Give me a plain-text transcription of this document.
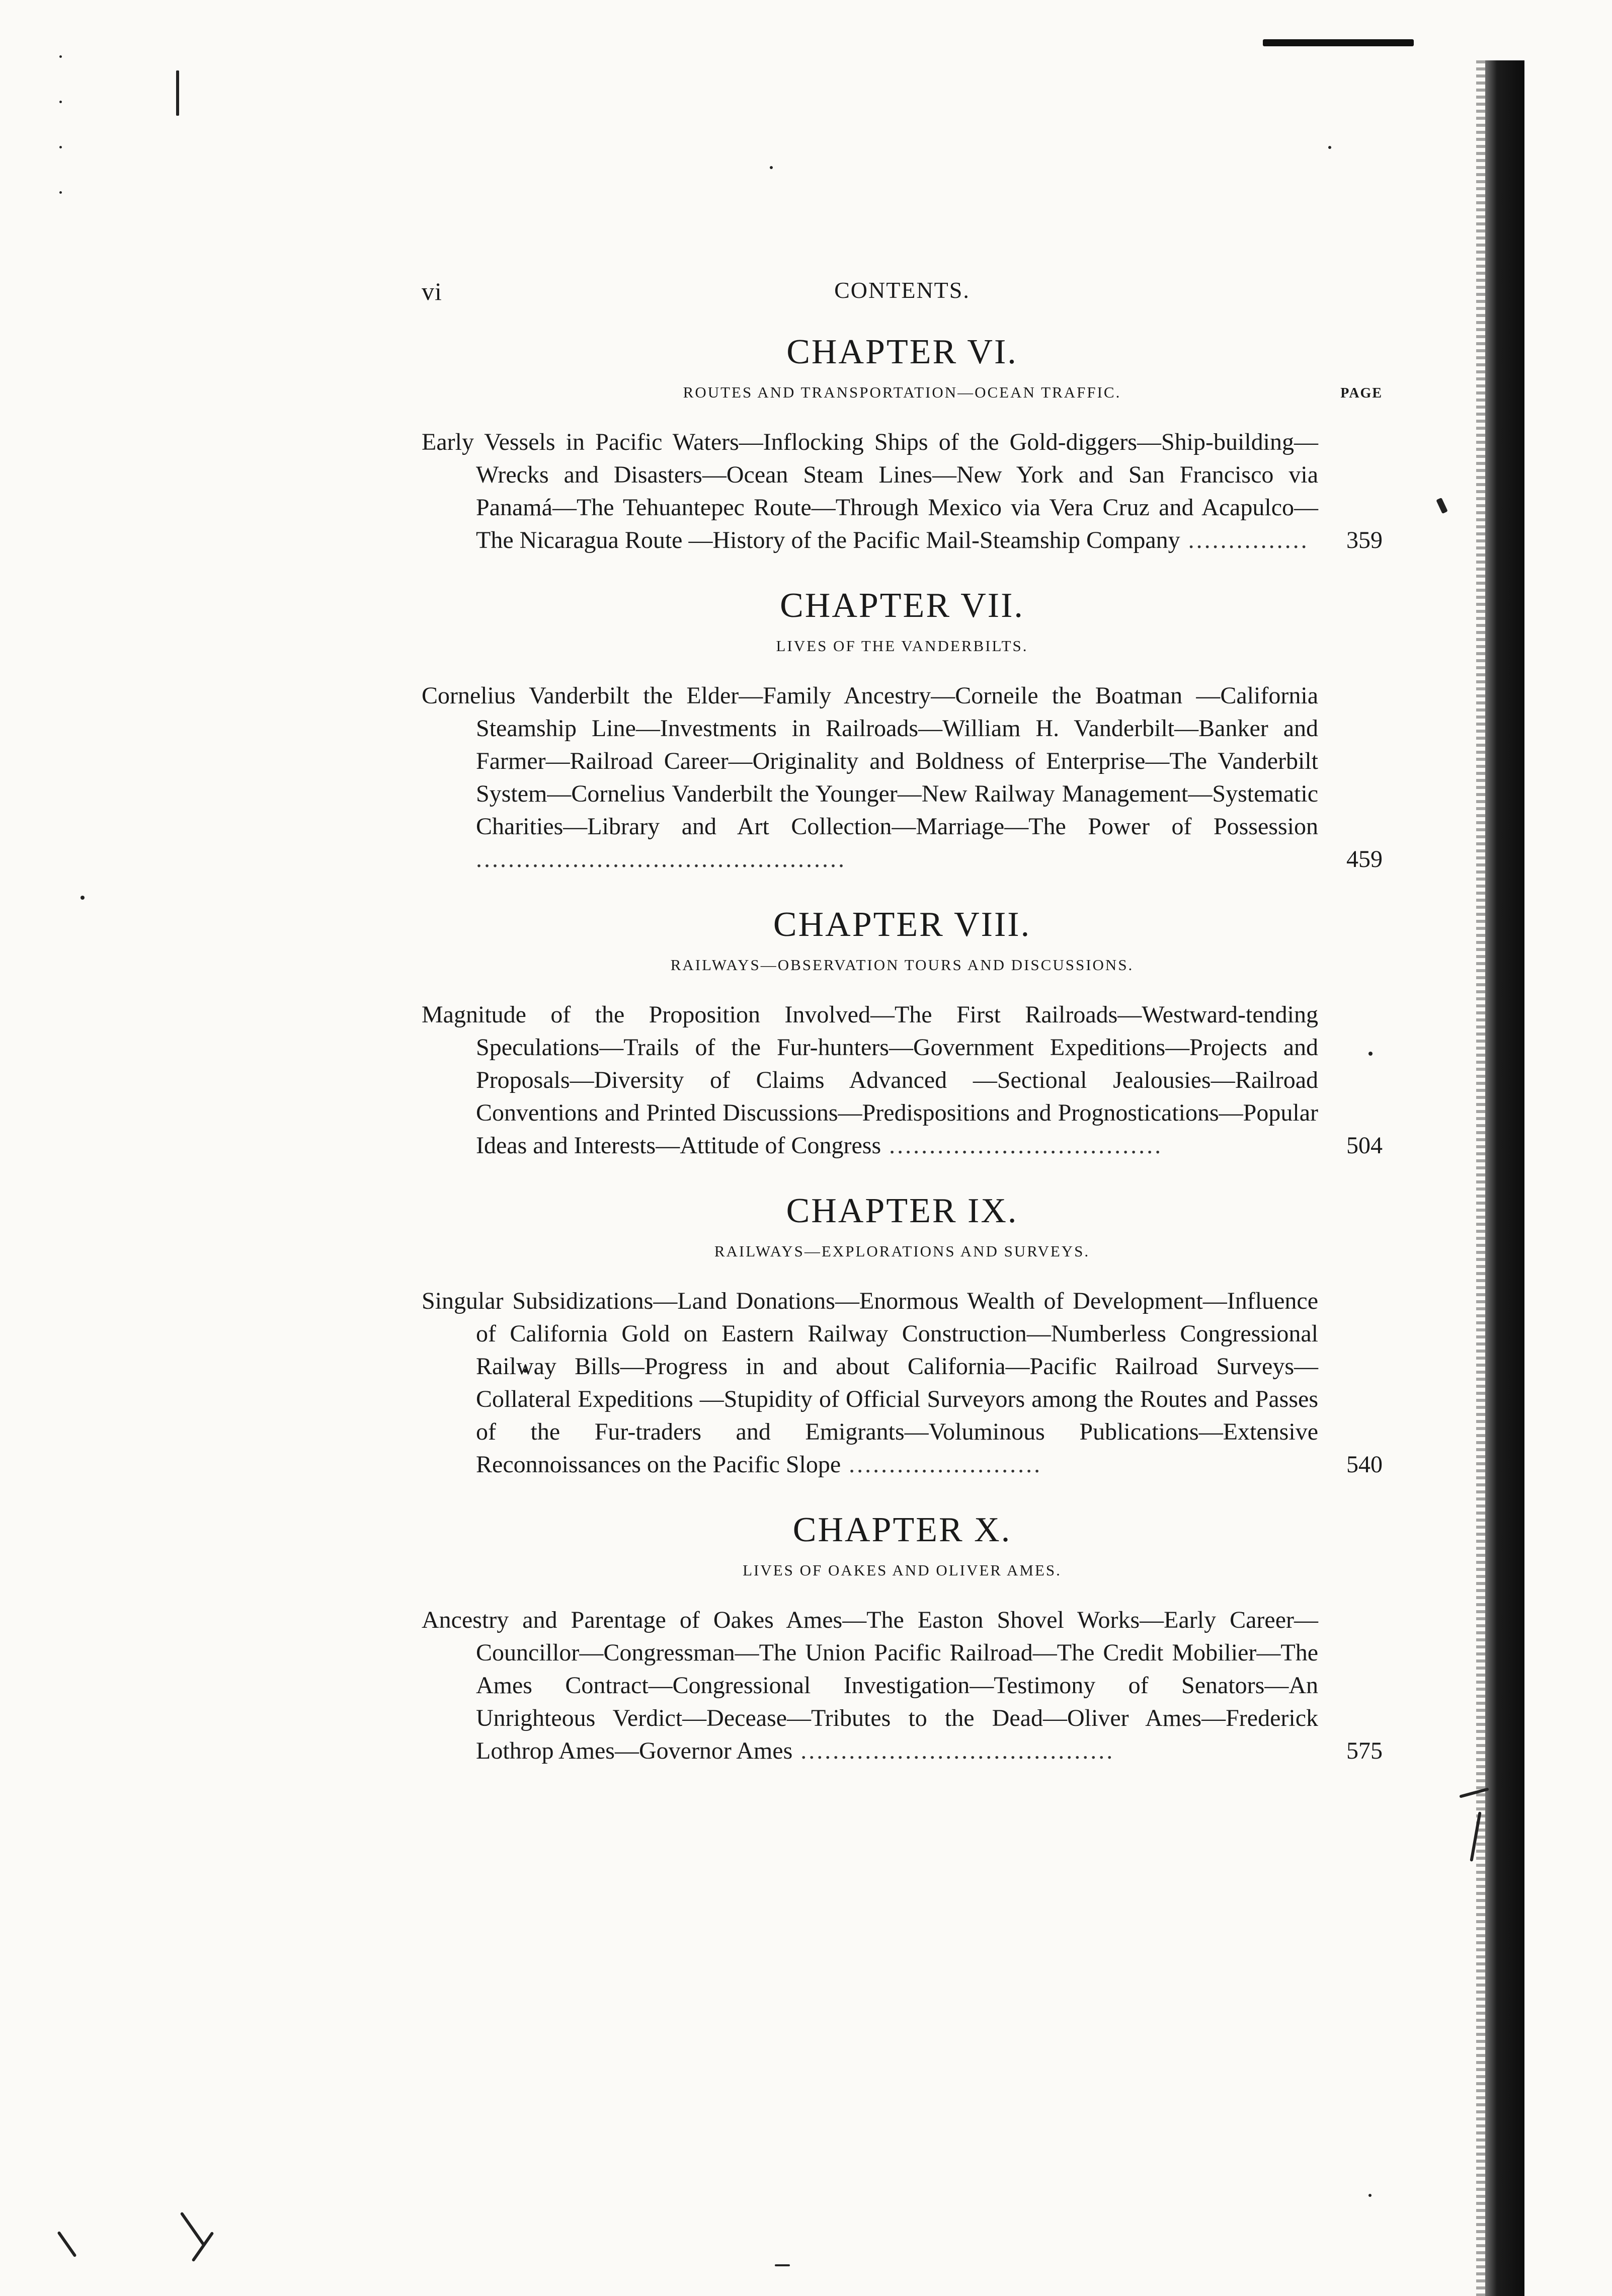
vi	CONTENTS.
CHAPTER VI.
ROUTES AND TRANSPORTATION—OCEAN TRAFFIC.	PAGE

Early Vessels in Pacific Waters—Inflocking Ships of the Gold-diggers—Ship-building—Wrecks and Disasters—Ocean Steam Lines—New York and San Francisco via Panamá—The Tehuantepec Route—Through Mexico via Vera Cruz and Acapulco—The Nicaragua Route —History of the Pacific Mail-Steamship Company ............... 359

CHAPTER VII.
LIVES OF THE VANDERBILTS.

Cornelius Vanderbilt the Elder—Family Ancestry—Corneile the Boatman —California Steamship Line—Investments in Railroads—William H. Vanderbilt—Banker and Farmer—Railroad Career—Originality and Boldness of Enterprise—The Vanderbilt System—Cornelius Vanderbilt the Younger—New Railway Management—Systematic Charities—Library and Art Collection—Marriage—The Power of Possession ..............................................	459

CHAPTER VIII.
RAILWAYS—OBSERVATION TOURS AND DISCUSSIONS.

Magnitude of the Proposition Involved—The First Railroads—Westward-tending Speculations—Trails of the Fur-hunters—Government Expeditions—Projects and Proposals—Diversity of Claims Advanced —Sectional Jealousies—Railroad Conventions and Printed Discussions—Predispositions and Prognostications—Popular Ideas and Interests—Attitude of Congress ..................................	504

CHAPTER IX.
RAILWAYS—EXPLORATIONS AND SURVEYS.

Singular Subsidizations—Land Donations—Enormous Wealth of Development—Influence of California Gold on Eastern Railway Construction—Numberless Congressional Railway Bills—Progress in and about California—Pacific Railroad Surveys—Collateral Expeditions —Stupidity of Official Surveyors among the Routes and Passes of the Fur-traders and Emigrants—Voluminous Publications—Extensive Reconnoissances on the Pacific Slope ........................	540

CHAPTER X.
LIVES OF OAKES AND OLIVER AMES.

Ancestry and Parentage of Oakes Ames—The Easton Shovel Works—Early Career—Councillor—Congressman—The Union Pacific Railroad—The Credit Mobilier—The Ames Contract—Congressional Investigation—Testimony of Senators—An Unrighteous Verdict—Decease—Tributes to the Dead—Oliver Ames—Frederick Lothrop Ames—Governor Ames .......................................	575
